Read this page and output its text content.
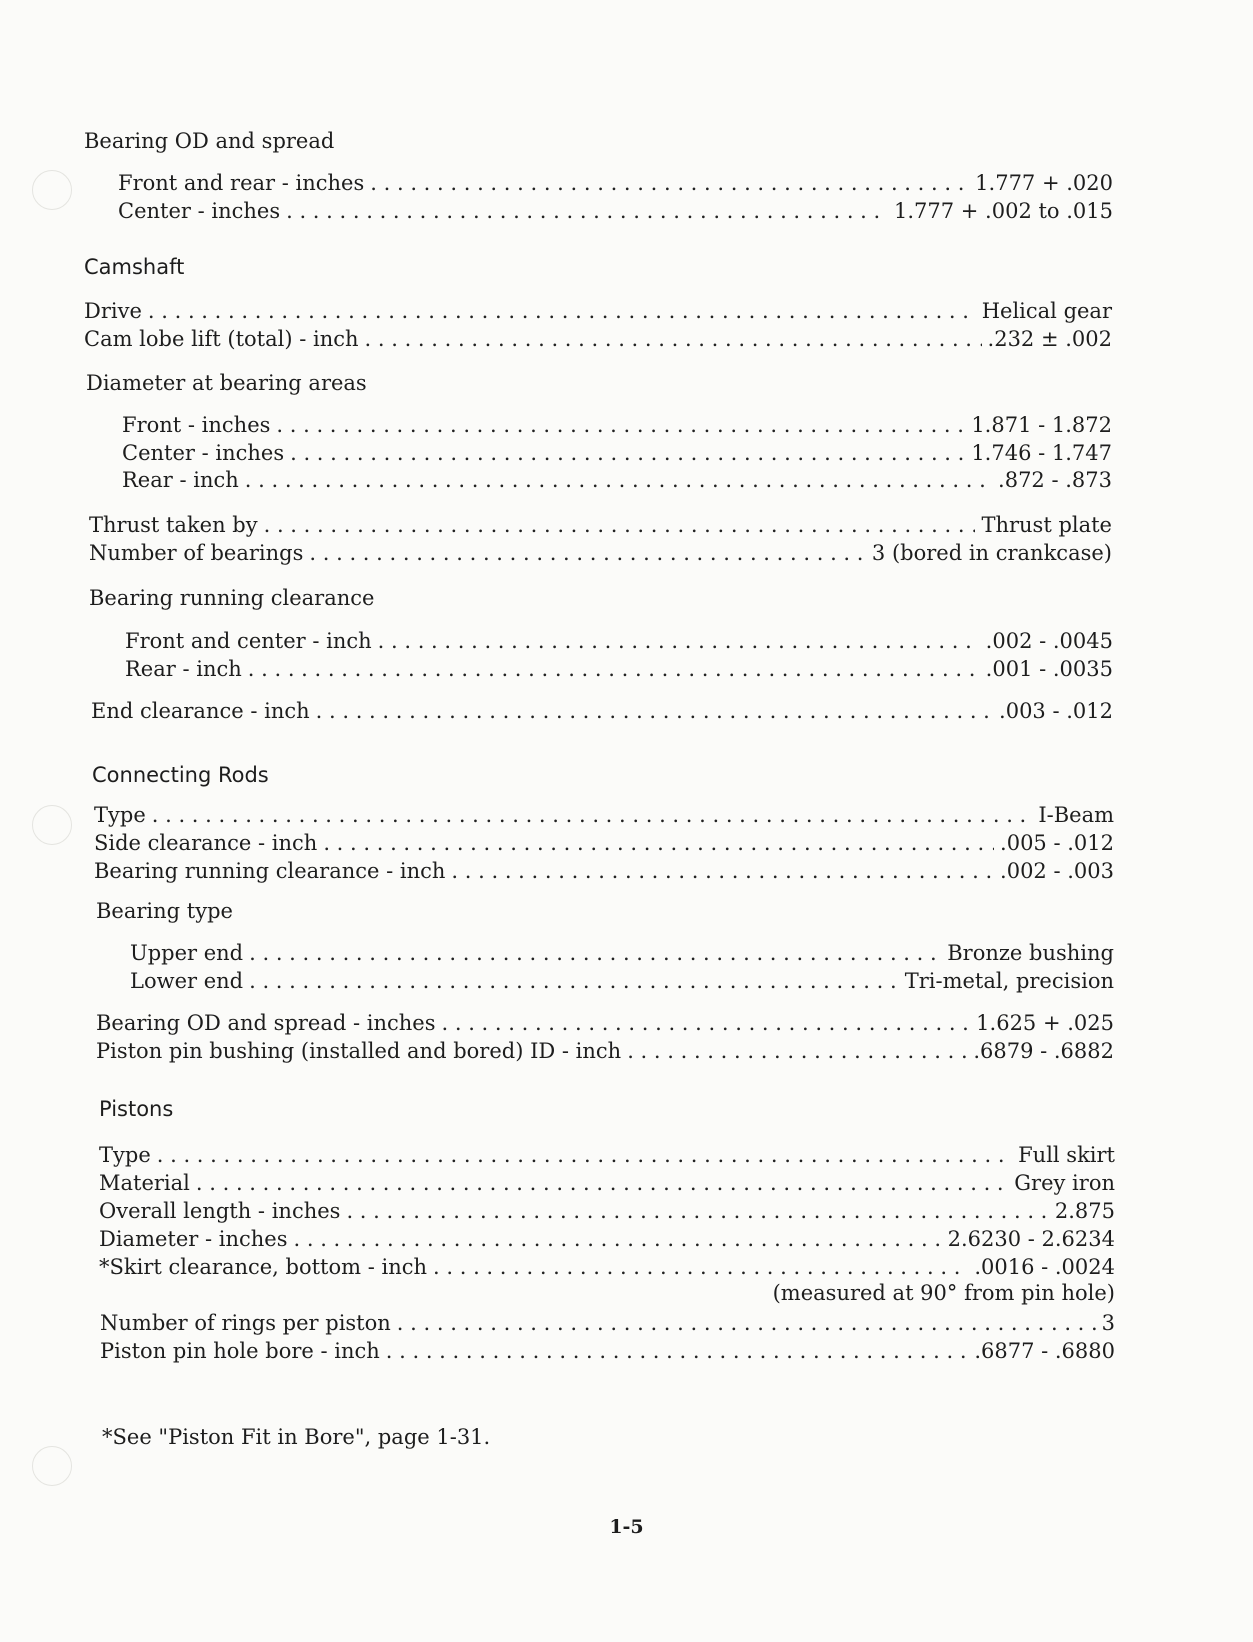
Bearing OD and spread
Front and rear - inches . . .	1.777 + .020
Center - inches . . .	1.777 + .002 to .015
Camshaft
Drive . . .	Helical gear
Cam lobe lift (total) - inch . . .	.232 ± .002
Diameter at bearing areas
Front - inches . . .	1.871 - 1.872
Center - inches . . .	1.746 - 1.747
Rear - inch . . .	.872 - .873
Thrust taken by . . .	Thrust plate
Number of bearings . . .	3 (bored in crankcase)
Bearing running clearance
Front and center - inch . . .	.002 - .0045
Rear - inch . . .	.001 - .0035
End clearance - inch . . .	.003 - .012
Connecting Rods
Type . . .	I-Beam
Side clearance - inch . . .	.005 - .012
Bearing running clearance - inch . . .	.002 - .003
Bearing type
Upper end . . .	Bronze bushing
Lower end . . .	Tri-metal, precision
Bearing OD and spread - inches . . .	1.625 + .025
Piston pin bushing (installed and bored) ID - inch . . .	.6879 - .6882
Pistons
Type . . .	Full skirt
Material . . .	Grey iron
Overall length - inches . . .	2.875
Diameter - inches . . .	2.6230 - 2.6234
*Skirt clearance, bottom - inch . . .	.0016 - .0024
(measured at 90° from pin hole)
Number of rings per piston . . .	3
Piston pin hole bore - inch . . .	.6877 - .6880
*See "Piston Fit in Bore", page 1-31.
1-5
